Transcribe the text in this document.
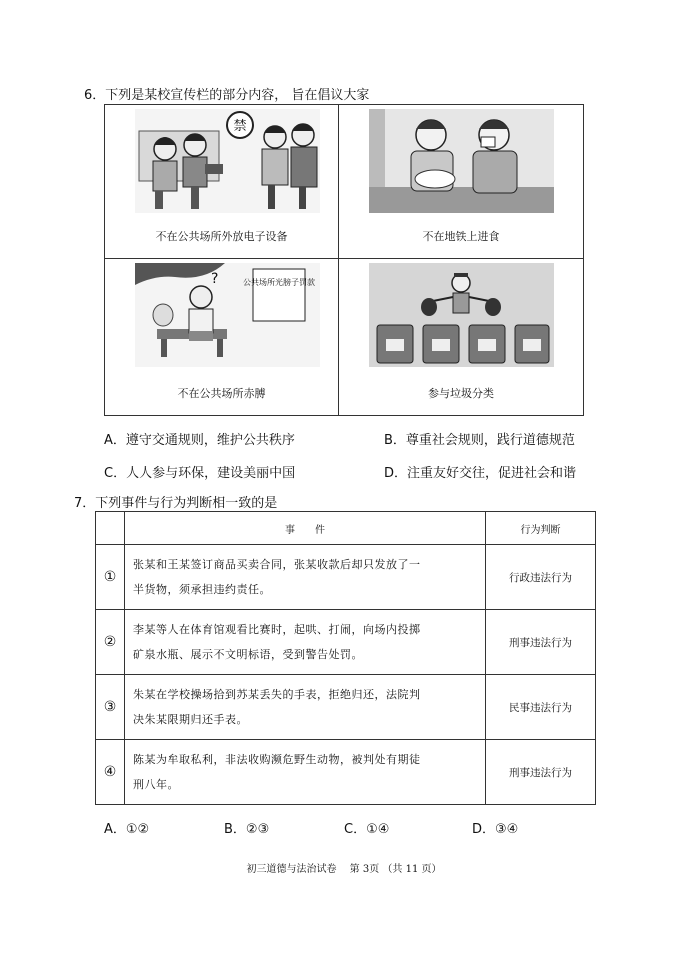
6．下列是某校宣传栏的部分内容， 旨在倡议大家
禁
不在公共场所外放电子设备	不在地铁上进食
?	公共场所光膀子罚款
不在公共场所赤膊	参与垃圾分类
A．遵守交通规则，维护公共秩序	B．尊重社会规则，践行道德规范
C．人人参与环保，建设美丽中国	D．注重友好交往，促进社会和谐
7．下列事件与行为判断相一致的是
	事　　件	行为判断
①	张某和王某签订商品买卖合同，张某收款后却只发放了一
半货物，须承担违约责任。	行政违法行为
②	李某等人在体育馆观看比赛时，起哄、打闹，向场内投掷
矿泉水瓶、展示不文明标语，受到警告处罚。	刑事违法行为
③	朱某在学校操场拾到苏某丢失的手表，拒绝归还，法院判
决朱某限期归还手表。	民事违法行为
④	陈某为牟取私利，非法收购濒危野生动物，被判处有期徒
刑八年。	刑事违法行为
A．①②	B．②③	C．①④	D．③④
初三道德与法治试卷　 第 3页 （共 11 页）
